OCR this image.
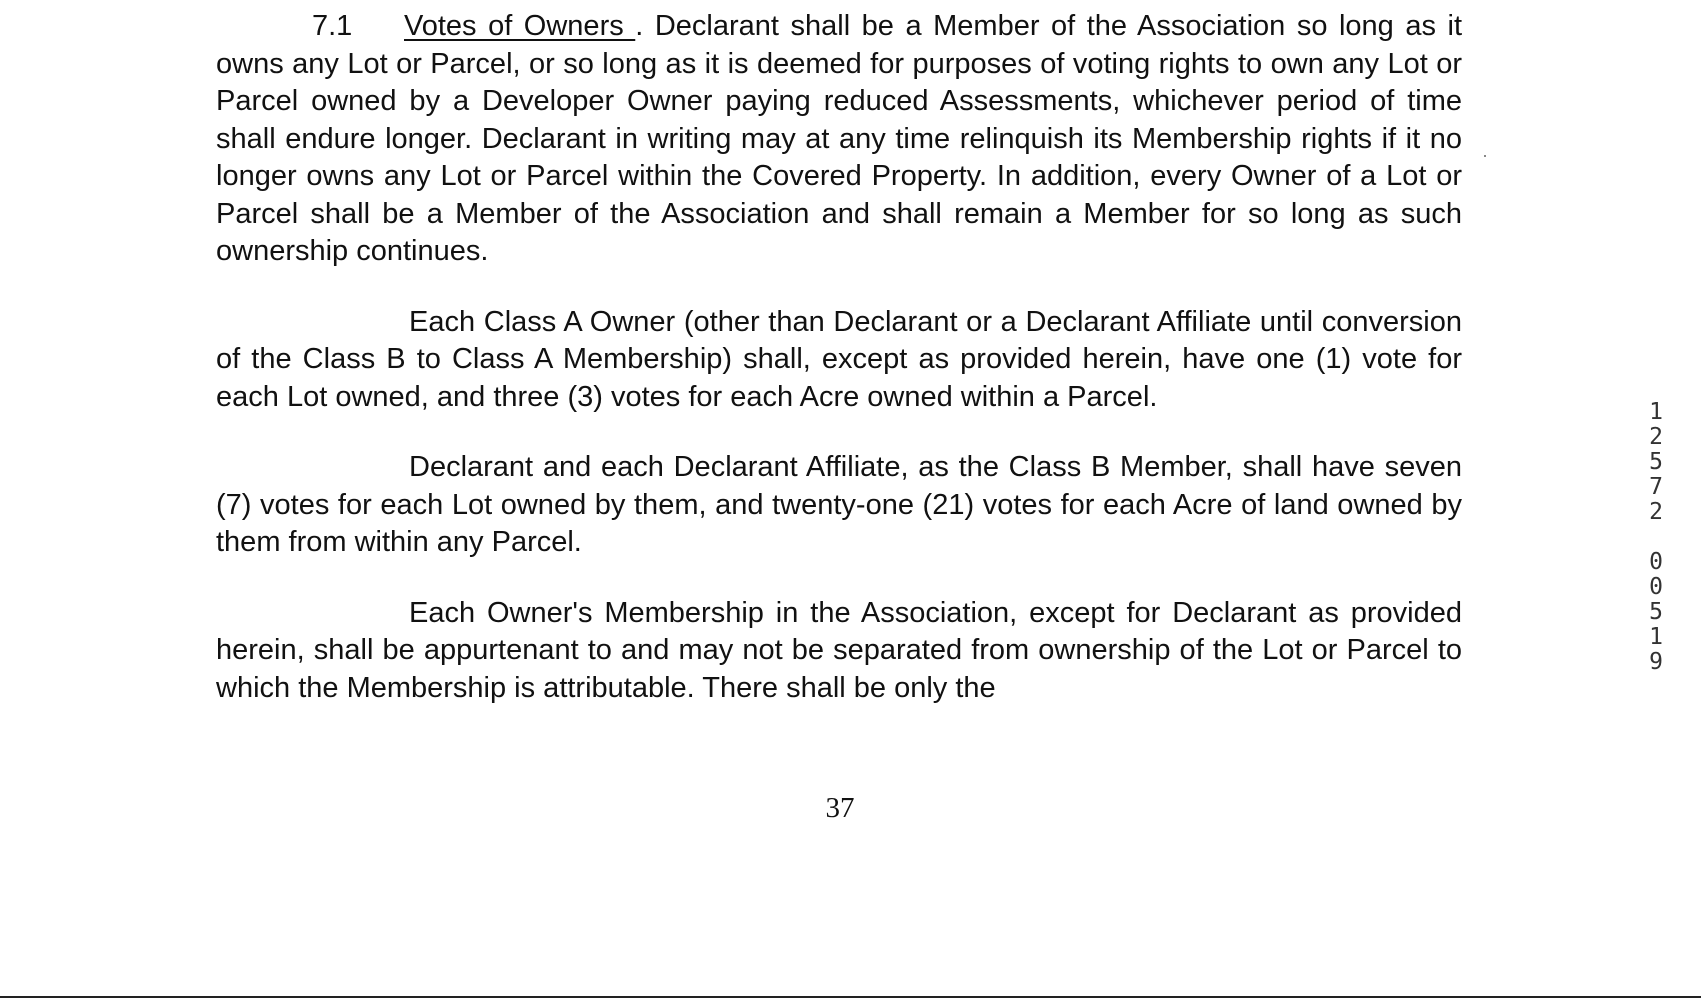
7.1 Votes of Owners . Declarant shall be a Member of the Association so long as it owns any Lot or Parcel, or so long as it is deemed for purposes of voting rights to own any Lot or Parcel owned by a Developer Owner paying reduced Assessments, whichever period of time shall endure longer. Declarant in writing may at any time relinquish its Membership rights if it no longer owns any Lot or Parcel within the Covered Property. In addition, every Owner of a Lot or Parcel shall be a Member of the Association and shall remain a Member for so long as such ownership continues.

Each Class A Owner (other than Declarant or a Declarant Affiliate until conversion of the Class B to Class A Membership) shall, except as provided herein, have one (1) vote for each Lot owned, and three (3) votes for each Acre owned within a Parcel.

Declarant and each Declarant Affiliate, as the Class B Member, shall have seven (7) votes for each Lot owned by them, and twenty-one (21) votes for each Acre of land owned by them from within any Parcel.

Each Owner's Membership in the Association, except for Declarant as provided herein, shall be appurtenant to and may not be separated from ownership of the Lot or Parcel to which the Membership is attributable. There shall be only the

37
1
2
5
7
2
0
0
5
1
9
